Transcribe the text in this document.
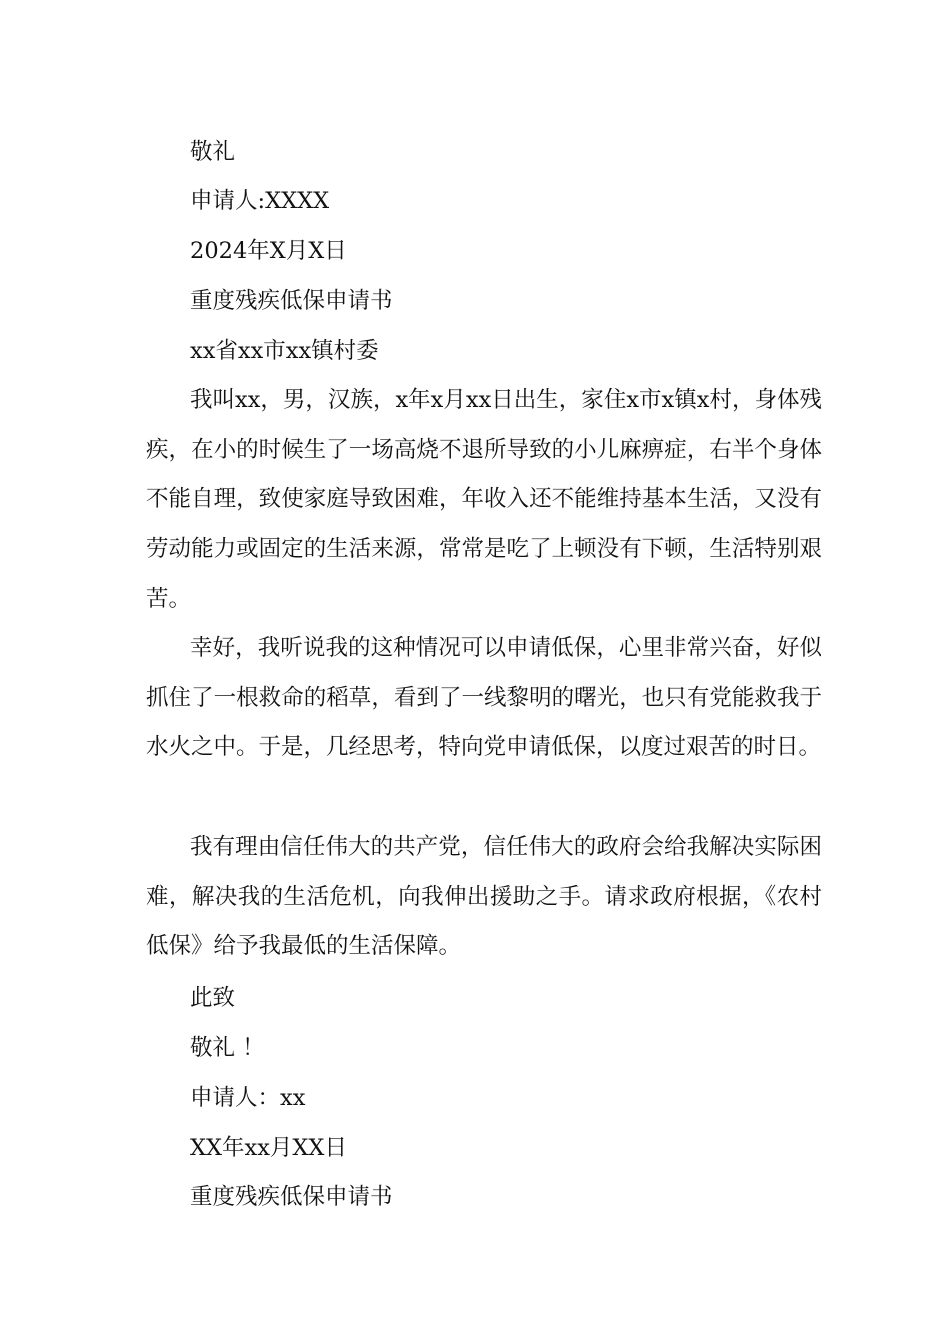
敬礼
申请人:XXXX
2024年X月X日
重度残疾低保申请书
xx省xx市xx镇村委

我叫xx，男，汉族，x年x月xx日出生，家住x市x镇x村，身体残疾，在小的时候生了一场高烧不退所导致的小儿麻痹症，右半个身体不能自理，致使家庭导致困难，年收入还不能维持基本生活，又没有劳动能力或固定的生活来源，常常是吃了上顿没有下顿，生活特别艰苦。

幸好，我听说我的这种情况可以申请低保，心里非常兴奋，好似抓住了一根救命的稻草，看到了一线黎明的曙光，也只有党能救我于水火之中。于是，几经思考，特向党申请低保，以度过艰苦的时日。

我有理由信任伟大的共产党，信任伟大的政府会给我解决实际困难，解决我的生活危机，向我伸出援助之手。请求政府根据，《农村低保》给予我最低的生活保障。

此致
敬礼 ！
申请人：xx
XX年xx月XX日
重度残疾低保申请书
